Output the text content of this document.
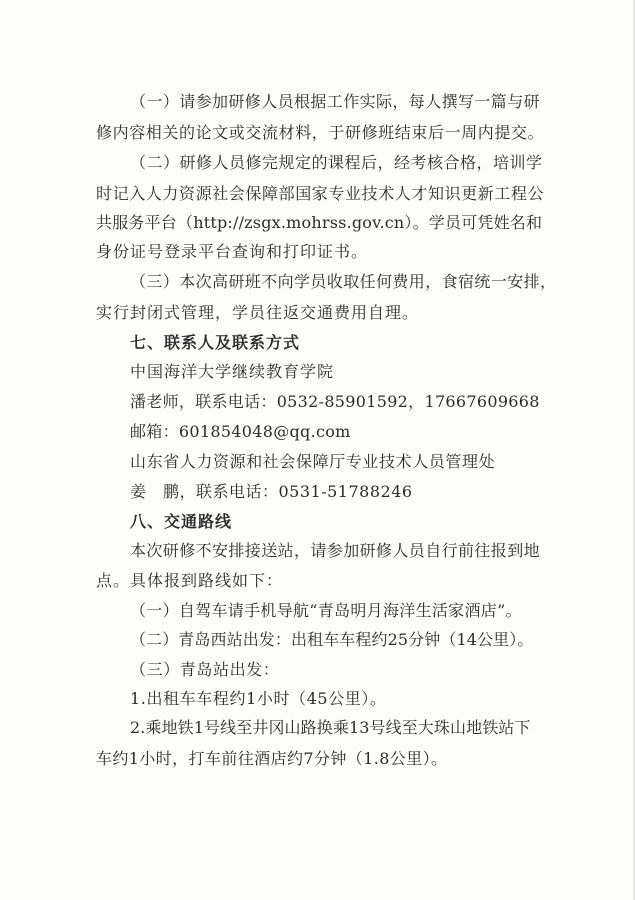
（一）请参加研修人员根据工作实际，每人撰写一篇与研
修内容相关的论文或交流材料，于研修班结束后一周内提交。
（二）研修人员修完规定的课程后，经考核合格，培训学
时记入人力资源社会保障部国家专业技术人才知识更新工程公
共服务平台（http://zsgx.mohrss.gov.cn）。学员可凭姓名和
身份证号登录平台查询和打印证书。
（三）本次高研班不向学员收取任何费用，食宿统一安排，
实行封闭式管理，学员往返交通费用自理。
七、联系人及联系方式
中国海洋大学继续教育学院
潘老师，联系电话：0532-85901592，17667609668
邮箱：601854048@qq.com
山东省人力资源和社会保障厅专业技术人员管理处
姜　鹏，联系电话：0531-51788246
八、交通路线
本次研修不安排接送站，请参加研修人员自行前往报到地
点。具体报到路线如下：
（一）自驾车请手机导航“青岛明月海洋生活家酒店”。
（二）青岛西站出发：出租车车程约25分钟（14公里）。
（三）青岛站出发：
1.出租车车程约1小时（45公里）。
2.乘地铁1号线至井冈山路换乘13号线至大珠山地铁站下
车约1小时，打车前往酒店约7分钟（1.8公里）。
